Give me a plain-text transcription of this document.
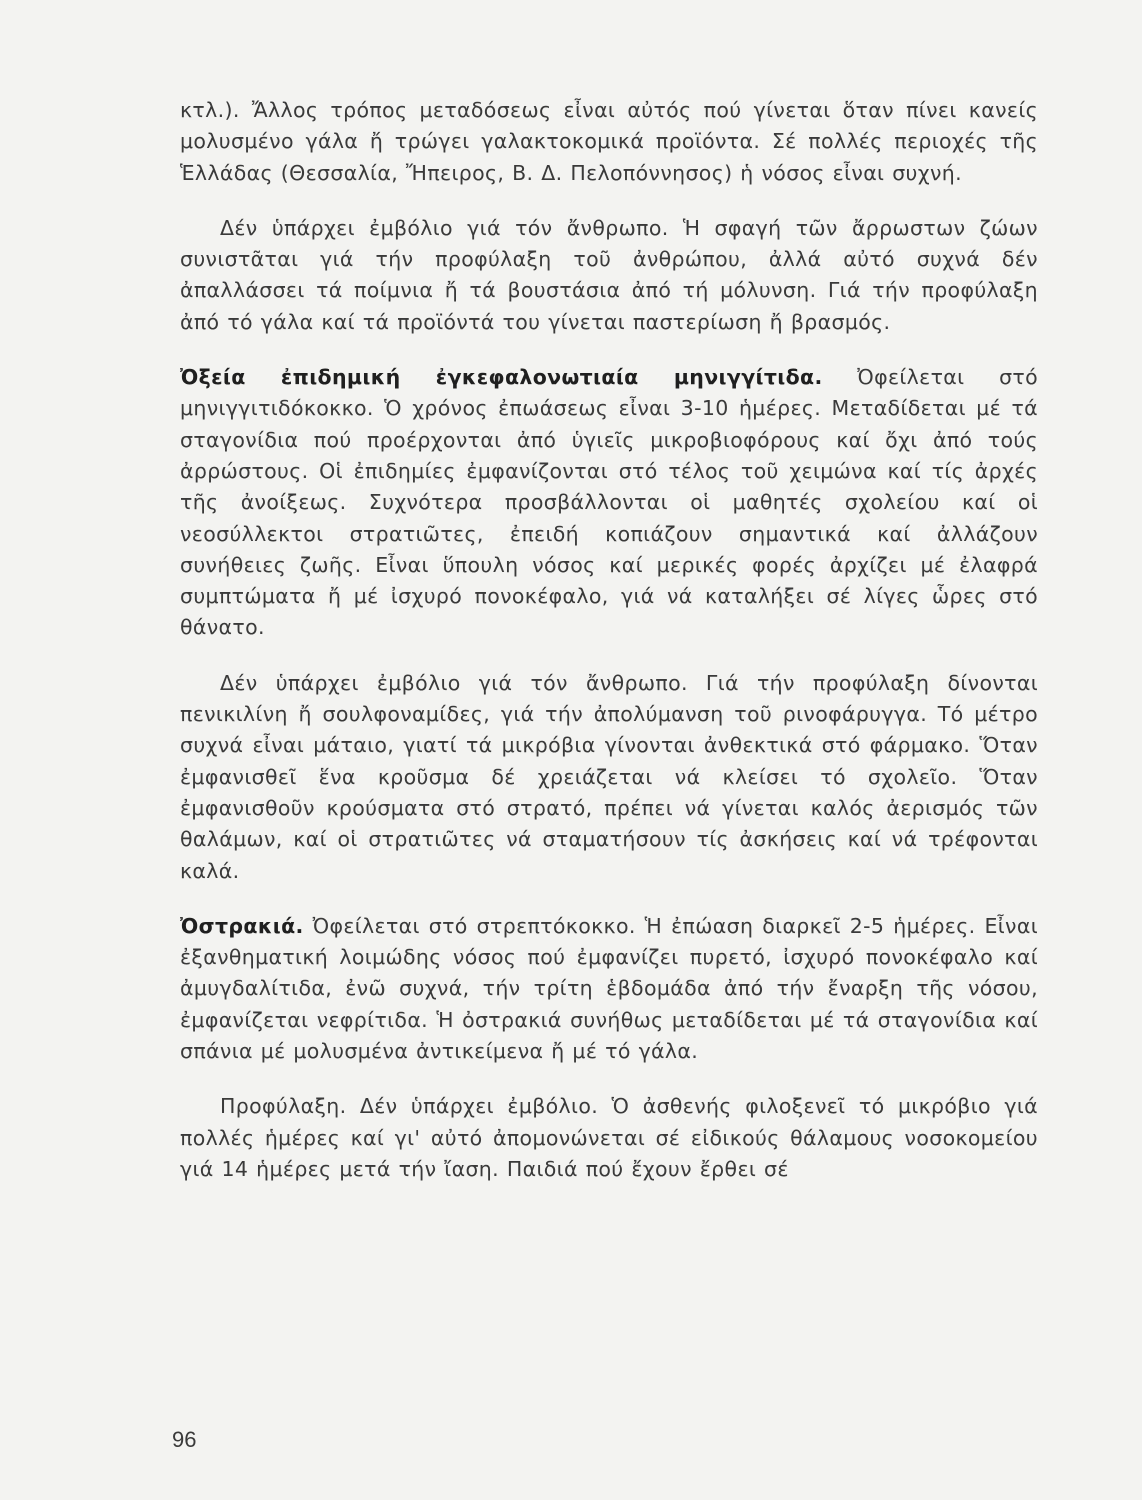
κτλ.). Ἄλλος τρόπος μεταδόσεως εἶναι αὐτός πού γίνεται ὅταν πίνει κανείς μολυσμένο γάλα ἤ τρώγει γαλακτοκομικά προϊόντα. Σέ πολλές περιοχές τῆς Ἑλλάδας (Θεσσαλία, Ἤπειρος, Β. Δ. Πελοπόννησος) ἡ νόσος εἶναι συχνή.

Δέν ὑπάρχει ἐμβόλιο γιά τόν ἄνθρωπο. Ἡ σφαγή τῶν ἄρρωστων ζώων συνιστᾶται γιά τήν προφύλαξη τοῦ ἀνθρώπου, ἀλλά αὐτό συχνά δέν ἀπαλλάσσει τά ποίμνια ἤ τά βουστάσια ἀπό τή μόλυνση. Γιά τήν προφύλαξη ἀπό τό γάλα καί τά προϊόντά του γίνεται παστερίωση ἤ βρασμός.

Ὀξεία ἐπιδημική ἐγκεφαλονωτιαία μηνιγγίτιδα. Ὀφείλεται στό μηνιγγιτιδόκοκκο. Ὁ χρόνος ἐπωάσεως εἶναι 3-10 ἡμέρες. Μεταδίδεται μέ τά σταγονίδια πού προέρχονται ἀπό ὑγιεῖς μικροβιοφόρους καί ὄχι ἀπό τούς ἀρρώστους. Οἱ ἐπιδημίες ἐμφανίζονται στό τέλος τοῦ χειμώνα καί τίς ἀρχές τῆς ἀνοίξεως. Συχνότερα προσβάλλονται οἱ μαθητές σχολείου καί οἱ νεοσύλλεκτοι στρατιῶτες, ἐπειδή κοπιάζουν σημαντικά καί ἀλλάζουν συνήθειες ζωῆς. Εἶναι ὕπουλη νόσος καί μερικές φορές ἀρχίζει μέ ἐλαφρά συμπτώματα ἤ μέ ἰσχυρό πονοκέφαλο, γιά νά καταλήξει σέ λίγες ὧρες στό θάνατο.

Δέν ὑπάρχει ἐμβόλιο γιά τόν ἄνθρωπο. Γιά τήν προφύλαξη δίνονται πενικιλίνη ἤ σουλφοναμίδες, γιά τήν ἀπολύμανση τοῦ ρινοφάρυγγα. Τό μέτρο συχνά εἶναι μάταιο, γιατί τά μικρόβια γίνονται ἀνθεκτικά στό φάρμακο. Ὅταν ἐμφανισθεῖ ἕνα κροῦσμα δέ χρειάζεται νά κλείσει τό σχολεῖο. Ὅταν ἐμφανισθοῦν κρούσματα στό στρατό, πρέπει νά γίνεται καλός ἀερισμός τῶν θαλάμων, καί οἱ στρατιῶτες νά σταματήσουν τίς ἀσκήσεις καί νά τρέφονται καλά.

Ὀστρακιά. Ὀφείλεται στό στρεπτόκοκκο. Ἡ ἐπώαση διαρκεῖ 2-5 ἡμέρες. Εἶναι ἐξανθηματική λοιμώδης νόσος πού ἐμφανίζει πυρετό, ἰσχυρό πονοκέφαλο καί ἀμυγδαλίτιδα, ἐνῶ συχνά, τήν τρίτη ἑβδομάδα ἀπό τήν ἔναρξη τῆς νόσου, ἐμφανίζεται νεφρίτιδα. Ἡ ὀστρακιά συνήθως μεταδίδεται μέ τά σταγονίδια καί σπάνια μέ μολυσμένα ἀντικείμενα ἤ μέ τό γάλα.

Προφύλαξη. Δέν ὑπάρχει ἐμβόλιο. Ὁ ἀσθενής φιλοξενεῖ τό μικρόβιο γιά πολλές ἡμέρες καί γι' αὐτό ἀπομονώνεται σέ εἰδικούς θάλαμους νοσοκομείου γιά 14 ἡμέρες μετά τήν ἴαση. Παιδιά πού ἔχουν ἔρθει σέ

96
